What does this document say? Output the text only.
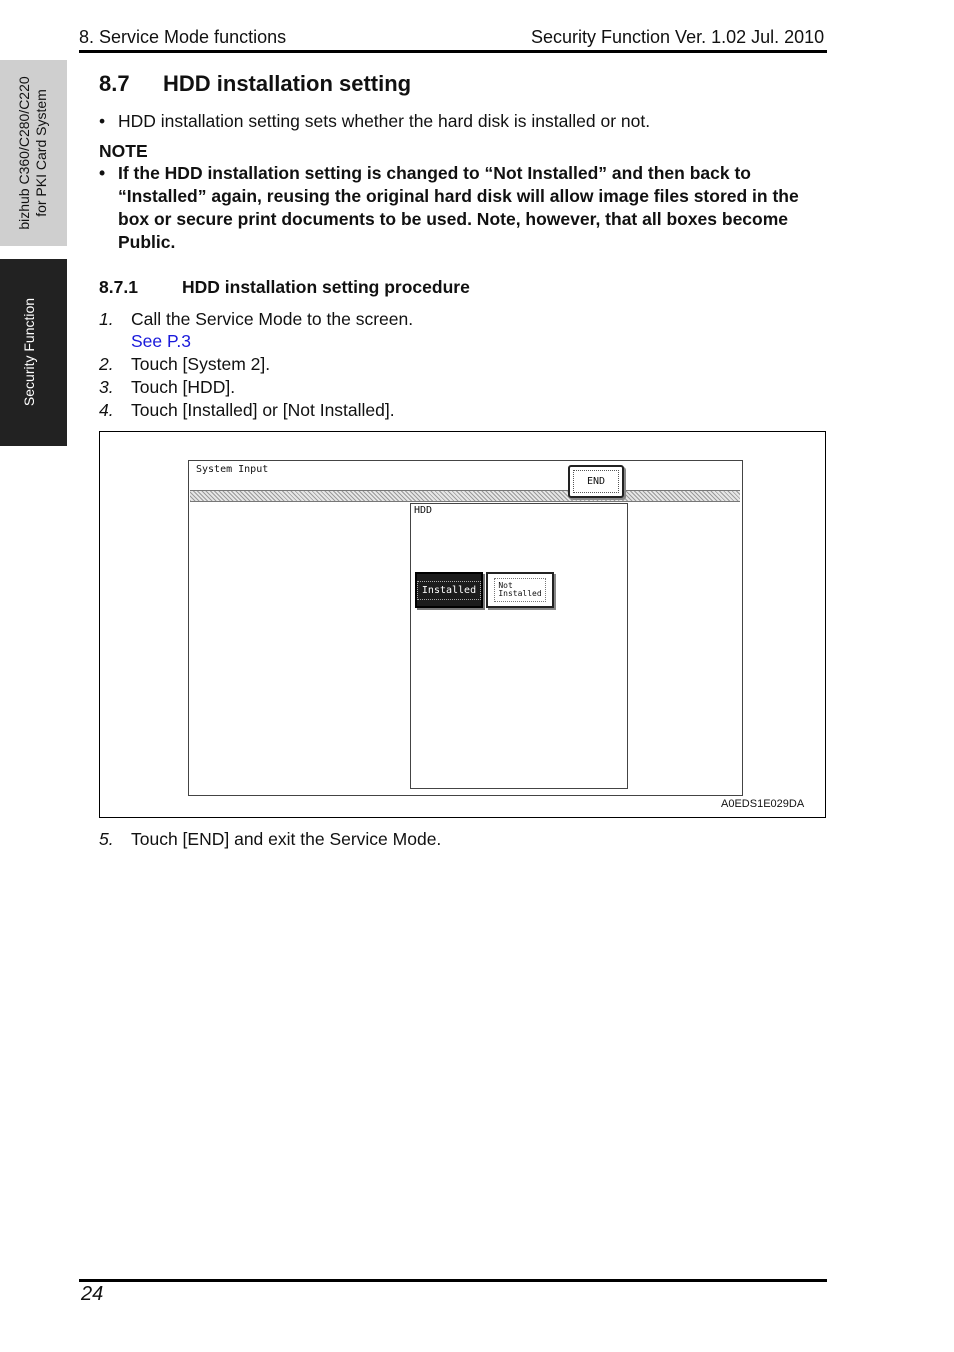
8. Service Mode functions	Security Function Ver. 1.02 Jul. 2010
bizhub C360/C280/C220 for PKI Card System
Security Function
8.7 HDD installation setting
• HDD installation setting sets whether the hard disk is installed or not.
NOTE
• If the HDD installation setting is changed to “Not Installed” and then back to “Installed” again, reusing the original hard disk will allow image files stored in the box or secure print documents to be used. Note, however, that all boxes become Public.
8.7.1	HDD installation setting procedure
1. Call the Service Mode to the screen.
See P.3
2. Touch [System 2].
3. Touch [HDD].
4. Touch [Installed] or [Not Installed].
System Input
END
HDD
Installed	Not
Installed
A0EDS1E029DA
5. Touch [END] and exit the Service Mode.
24
